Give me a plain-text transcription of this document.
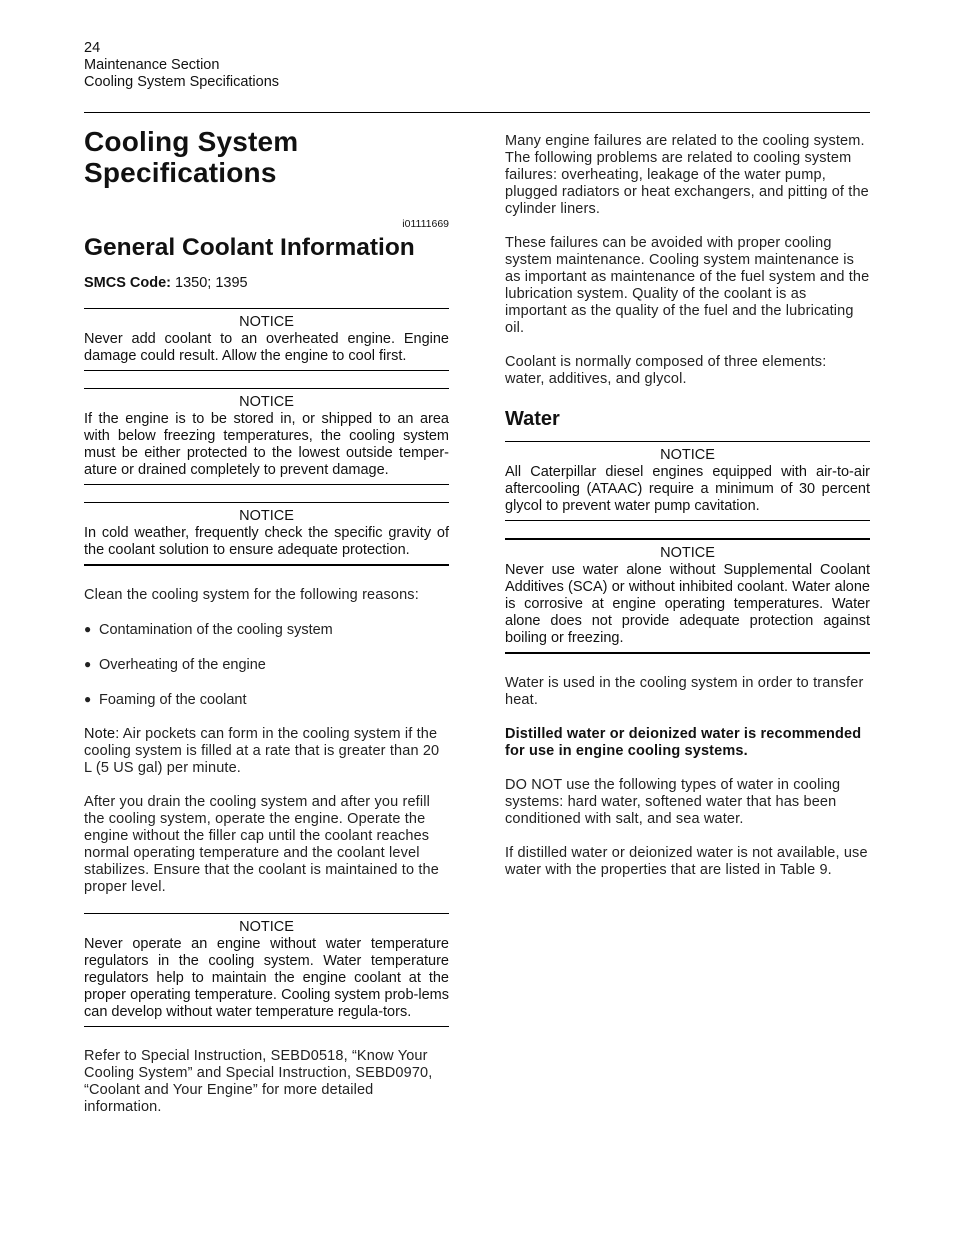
24
Maintenance Section
Cooling System Specifications
Cooling System
Specifications
i01111669
General Coolant Information
SMCS Code: 1350; 1395
NOTICE
Never add coolant to an overheated engine. Engine damage could result. Allow the engine to cool first.
NOTICE
If the engine is to be stored in, or shipped to an area with below freezing temperatures, the cooling system must be either protected to the lowest outside temper-ature or drained completely to prevent damage.
NOTICE
In cold weather, frequently check the specific gravity of the coolant solution to ensure adequate protection.
Clean the cooling system for the following reasons:
● Contamination of the cooling system
● Overheating of the engine
● Foaming of the coolant
Note: Air pockets can form in the cooling system if the cooling system is filled at a rate that is greater than 20 L (5 US gal) per minute.
After you drain the cooling system and after you refill the cooling system, operate the engine. Operate the engine without the filler cap until the coolant reaches normal operating temperature and the coolant level stabilizes. Ensure that the coolant is maintained to the proper level.
NOTICE
Never operate an engine without water temperature regulators in the cooling system. Water temperature regulators help to maintain the engine coolant at the proper operating temperature. Cooling system prob-lems can develop without water temperature regula-tors.
Refer to Special Instruction, SEBD0518, “Know Your Cooling System” and Special Instruction, SEBD0970, “Coolant and Your Engine” for more detailed information.
Many engine failures are related to the cooling system. The following problems are related to cooling system failures: overheating, leakage of the water pump, plugged radiators or heat exchangers, and pitting of the cylinder liners.
These failures can be avoided with proper cooling system maintenance. Cooling system maintenance is as important as maintenance of the fuel system and the lubrication system. Quality of the coolant is as important as the quality of the fuel and the lubricating oil.
Coolant is normally composed of three elements: water, additives, and glycol.
Water
NOTICE
All Caterpillar diesel engines equipped with air-to-air aftercooling (ATAAC) require a minimum of 30 percent glycol to prevent water pump cavitation.
NOTICE
Never use water alone without Supplemental Coolant Additives (SCA) or without inhibited coolant. Water alone is corrosive at engine operating temperatures. Water alone does not provide adequate protection against boiling or freezing.
Water is used in the cooling system in order to transfer heat.
Distilled water or deionized water is recommended for use in engine cooling systems.
DO NOT use the following types of water in cooling systems: hard water, softened water that has been conditioned with salt, and sea water.
If distilled water or deionized water is not available, use water with the properties that are listed in Table 9.
